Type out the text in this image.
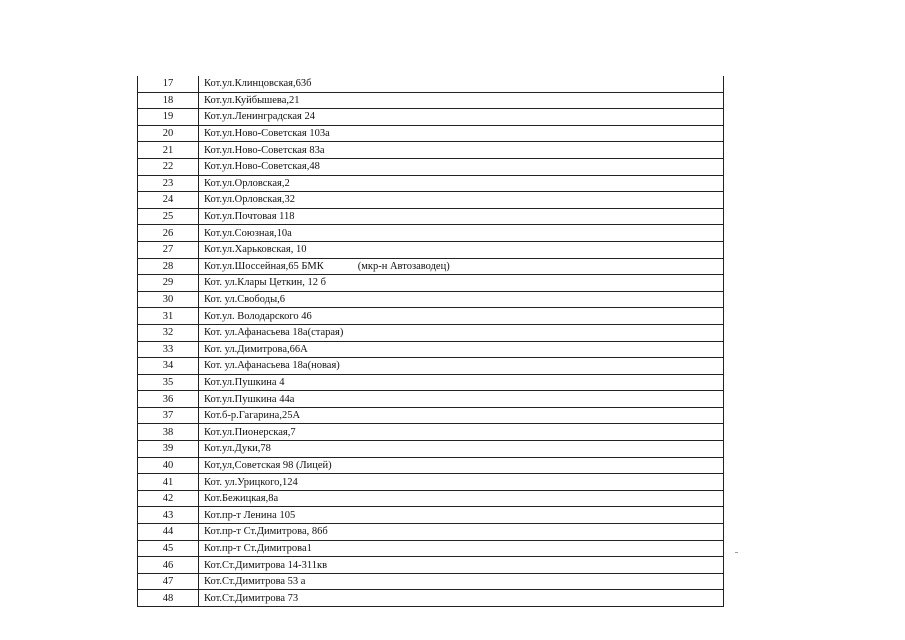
17	Кот.ул.Клинцовская,63б
18	Кот.ул.Куйбышева,21
19	Кот.ул.Ленинградская 24
20	Кот.ул.Ново-Советская 103а
21	Кот.ул.Ново-Советская 83а
22	Кот.ул.Ново-Советская,48
23	Кот.ул.Орловская,2
24	Кот.ул.Орловская,32
25	Кот.ул.Почтовая 118
26	Кот.ул.Союзная,10а
27	Кот.ул.Харьковская, 10
28	Кот.ул.Шоссейная,65 БМК (мкр-н Автозаводец)
29	Кот. ул.Клары Цеткин, 12 б
30	Кот. ул.Свободы,6
31	Кот.ул. Володарского 46
32	Кот. ул.Афанасьева 18а(старая)
33	Кот. ул.Димитрова,66А
34	Кот. ул.Афанасьева 18а(новая)
35	Кот.ул.Пушкина 4
36	Кот.ул.Пушкина 44а
37	Кот.б-р.Гагарина,25А
38	Кот.ул.Пионерская,7
39	Кот.ул.Дуки,78
40	Кот,ул,Советская 98 (Лицей)
41	Кот. ул.Урицкого,124
42	Кот.Бежицкая,8а
43	Кот.пр-т Ленина 105
44	Кот.пр-т Ст.Димитрова, 86б
45	Кот.пр-т Ст.Димитрова1
46	Кот.Ст.Димитрова 14-311кв
47	Кот.Ст.Димитрова 53 а
48	Кот.Ст.Димитрова 73
